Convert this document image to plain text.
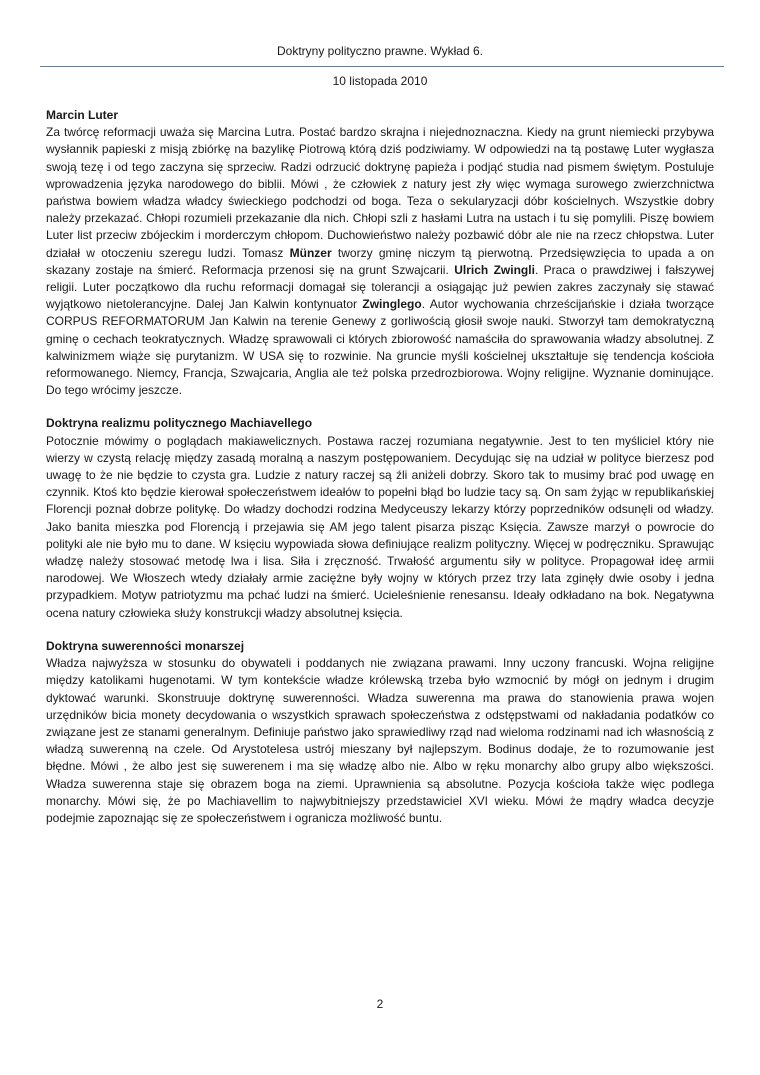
Doktryny polityczno prawne. Wykład 6.
10 listopada 2010

Marcin Luter

Za twórcę reformacji uważa się Marcina Lutra. Postać bardzo skrajna i niejednoznaczna. Kiedy na grunt niemiecki przybywa wysłannik papieski z misją zbiórkę na bazylikę Piotrową którą dziś podziwiamy. W odpowiedzi na tą postawę Luter wygłasza swoją tezę i od tego zaczyna się sprzeciw. Radzi odrzucić doktrynę papieża i podjąć studia nad pismem świętym. Postuluje wprowadzenia języka narodowego do biblii. Mówi , że człowiek z natury jest zły więc wymaga surowego zwierzchnictwa państwa bowiem władza władcy świeckiego podchodzi od boga. Teza o sekularyzacji dóbr kościelnych. Wszystkie dobry należy przekazać. Chłopi rozumieli przekazanie dla nich. Chłopi szli z hasłami Lutra na ustach i tu się pomylili. Piszę bowiem Luter list przeciw zbójeckim i morderczym chłopom. Duchowieństwo należy pozbawić dóbr ale nie na rzecz chłopstwa. Luter działał w otoczeniu szeregu ludzi. Tomasz Münzer tworzy gminę niczym tą pierwotną. Przedsięwzięcia to upada a on skazany zostaje na śmierć. Reformacja przenosi się na grunt Szwajcarii. Ulrich Zwingli. Praca o prawdziwej i fałszywej religii. Luter początkowo dla ruchu reformacji domagał się tolerancji a osiągając już pewien zakres zaczynały się stawać wyjątkowo nietolerancyjne. Dalej Jan Kalwin kontynuator Zwinglego. Autor wychowania chrześcijańskie i działa tworzące CORPUS REFORMATORUM Jan Kalwin na terenie Genewy z gorliwością głosił swoje nauki. Stworzył tam demokratyczną gminę o cechach teokratycznych. Władzę sprawowali ci których zbiorowość namaściła do sprawowania władzy absolutnej. Z kalwinizmem wiąże się purytanizm. W USA się to rozwinie. Na gruncie myśli kościelnej ukształtuje się tendencja kościoła reformowanego. Niemcy, Francja, Szwajcaria, Anglia ale też polska przedrozbiorowa. Wojny religijne. Wyznanie dominujące. Do tego wrócimy jeszcze.

Doktryna realizmu politycznego Machiavellego

Potocznie mówimy o poglądach makiawelicznych. Postawa raczej rozumiana negatywnie. Jest to ten myśliciel który nie wierzy w czystą relację między zasadą moralną a naszym postępowaniem. Decydując się na udział w polityce bierzesz pod uwagę to że nie będzie to czysta gra. Ludzie z natury raczej są źli aniżeli dobrzy. Skoro tak to musimy brać pod uwagę en czynnik. Ktoś kto będzie kierował społeczeństwem ideałów to popełni błąd bo ludzie tacy są. On sam żyjąc w republikańskiej Florencji poznał dobrze politykę. Do władzy dochodzi rodzina Medyceuszy lekarzy którzy poprzedników odsunęli od władzy. Jako banita mieszka pod Florencją i przejawia się AM jego talent pisarza pisząc Księcia. Zawsze marzył o powrocie do polityki ale nie było mu to dane. W księciu wypowiada słowa definiujące realizm polityczny. Więcej w podręczniku. Sprawując władzę należy stosować metodę lwa i lisa. Siła i zręczność. Trwałość argumentu siły w polityce. Propagował ideę armii narodowej. We Włoszech wtedy działały armie zaciężne były wojny w których przez trzy lata zginęły dwie osoby i jedna przypadkiem. Motyw patriotyzmu ma pchać ludzi na śmierć. Ucieleśnienie renesansu. Ideały odkładano na bok. Negatywna ocena natury człowieka służy konstrukcji władzy absolutnej księcia.

Doktryna suwerenności monarszej

Władza najwyższa w stosunku do obywateli i poddanych nie związana prawami. Inny uczony francuski. Wojna religijne między katolikami hugenotami. W tym kontekście władze królewską trzeba było wzmocnić by mógł on jednym i drugim dyktować warunki. Skonstruuje doktrynę suwerenności. Władza suwerenna ma prawa do stanowienia prawa wojen urzędników bicia monety decydowania o wszystkich sprawach społeczeństwa z odstępstwami od nakładania podatków co związane jest ze stanami generalnym. Definiuje państwo jako sprawiedliwy rząd nad wieloma rodzinami nad ich własnością z władzą suwerenną na czele. Od Arystotelesa ustrój mieszany był najlepszym. Bodinus dodaje, że to rozumowanie jest błędne. Mówi , że albo jest się suwerenem i ma się władzę albo nie. Albo w ręku monarchy albo grupy albo większości. Władza suwerenna staje się obrazem boga na ziemi. Uprawnienia są absolutne. Pozycja kościoła także więc podlega monarchy. Mówi się, że po Machiavellim to najwybitniejszy przedstawiciel XVI wieku. Mówi że mądry władca decyzje podejmie zapoznając się ze społeczeństwem i ogranicza możliwość buntu.

2
